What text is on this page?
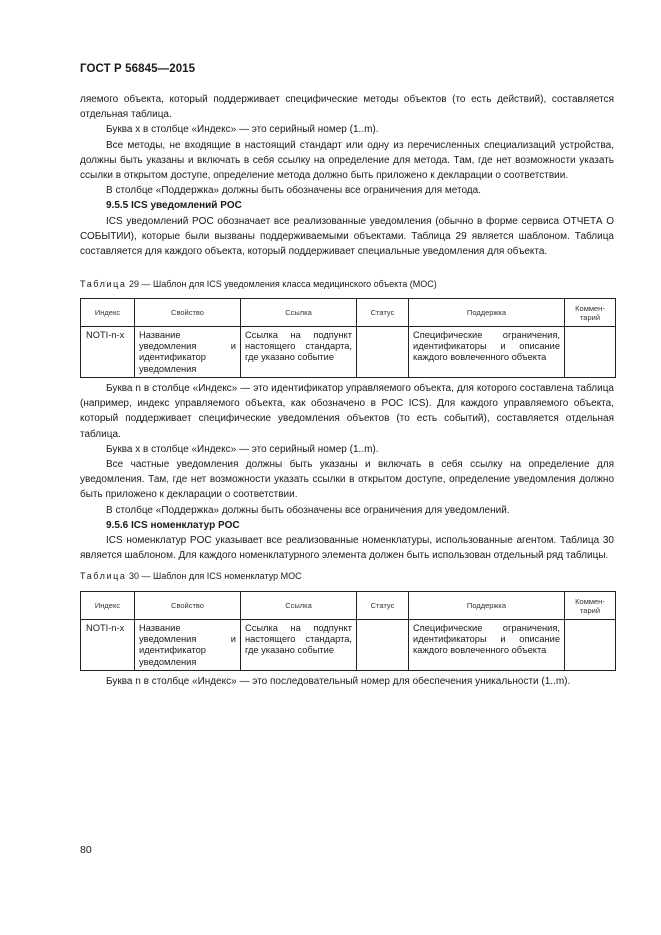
ГОСТ Р 56845—2015

ляемого объекта, который поддерживает специфические методы объектов (то есть действий), составляется отдельная таблица.

Буква x в столбце «Индекс» — это серийный номер (1..m).

Все методы, не входящие в настоящий стандарт или одну из перечисленных специализаций устройства, должны быть указаны и включать в себя ссылку на определение для метода. Там, где нет возможности указать ссылки в открытом доступе, определение метода должно быть приложено к декларации о соответствии.

В столбце «Поддержка» должны быть обозначены все ограничения для метода.

9.5.5 ICS уведомлений POC

ICS уведомлений POC обозначает все реализованные уведомления (обычно в форме сервиса ОТЧЕТА О СОБЫТИИ), которые были вызваны поддерживаемыми объектами. Таблица 29 является шаблоном. Таблица составляется для каждого объекта, который поддерживает специальные уведомления для объекта.

Таблица 29 — Шаблон для ICS уведомления класса медицинского объекта (MOC)
Индекс	Свойство	Ссылка	Статус	Поддержка	Коммен-тарий
NOTI-n-x	Название уведомления и идентификатор уведомления	Ссылка на подпункт настоящего стандарта, где указано событие		Специфические ограничения, идентификаторы и описание каждого вовлеченного объекта	

Буква n в столбце «Индекс» — это идентификатор управляемого объекта, для которого составлена таблица (например, индекс управляемого объекта, как обозначено в POC ICS). Для каждого управляемого объекта, который поддерживает специфические уведомления объектов (то есть событий), составляется отдельная таблица.

Буква x в столбце «Индекс» — это серийный номер (1..m).

Все частные уведомления должны быть указаны и включать в себя ссылку на определение для уведомления. Там, где нет возможности указать ссылки в открытом доступе, определение уведомления должно быть приложено к декларации о соответствии.

В столбце «Поддержка» должны быть обозначены все ограничения для уведомлений.

9.5.6 ICS номенклатур POC

ICS номенклатур POC указывает все реализованные номенклатуры, использованные агентом. Таблица 30 является шаблоном. Для каждого номенклатурного элемента должен быть использован отдельный ряд таблицы.

Таблица 30 — Шаблон для ICS номенклатур MOC
Индекс	Свойство	Ссылка	Статус	Поддержка	Коммен-тарий
NOTI-n-x	Название уведомления и идентификатор уведомления	Ссылка на подпункт настоящего стандарта, где указано событие		Специфические ограничения, идентификаторы и описание каждого вовлеченного объекта	

Буква n в столбце «Индекс» — это последовательный номер для обеспечения уникальности (1..m).

80
